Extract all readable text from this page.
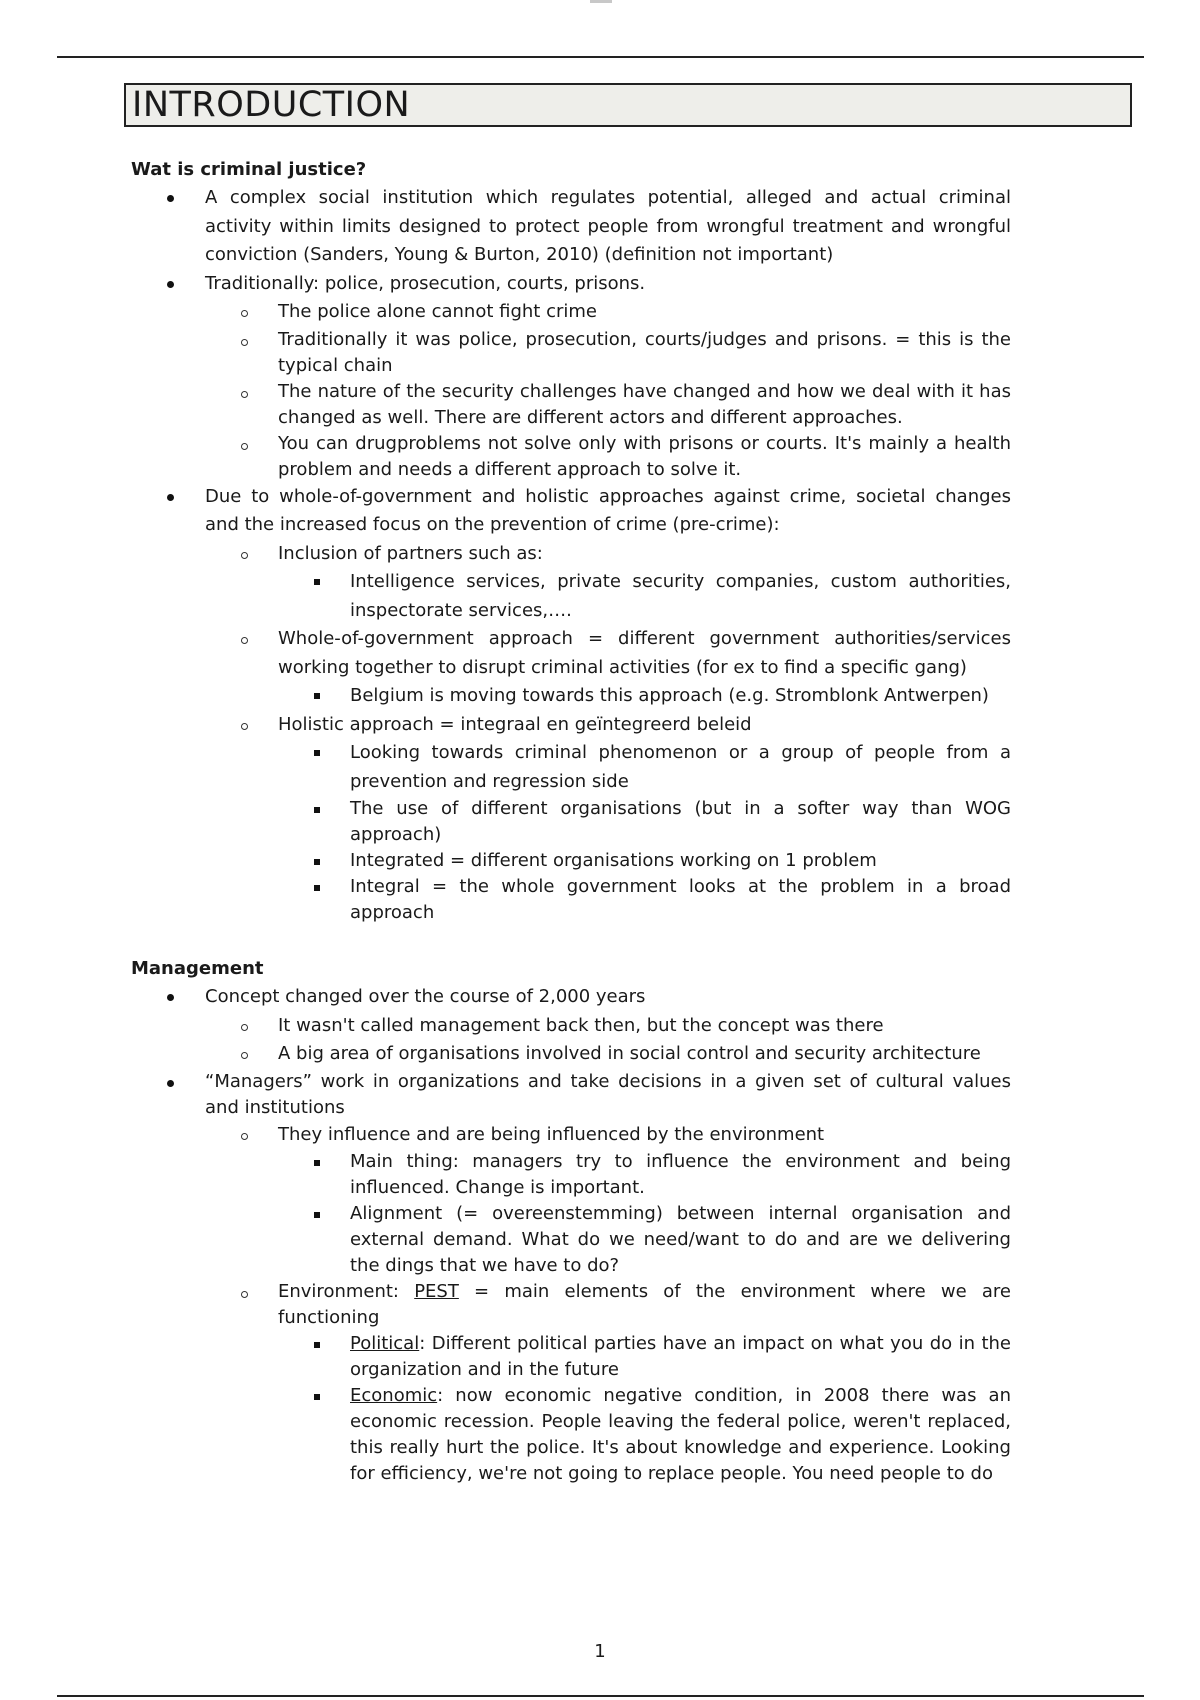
INTRODUCTION

Wat is criminal justice?

A complex social institution which regulates potential, alleged and actual criminal activity within limits designed to protect people from wrongful treatment and wrongful conviction (Sanders, Young & Burton, 2010) (definition not important)
Traditionally: police, prosecution, courts, prisons.
The police alone cannot fight crime
Traditionally it was police, prosecution, courts/judges and prisons. = this is the typical chain
The nature of the security challenges have changed and how we deal with it has changed as well. There are different actors and different approaches.
You can drugproblems not solve only with prisons or courts. It's mainly a health problem and needs a different approach to solve it.
Due to whole-of-government and holistic approaches against crime, societal changes and the increased focus on the prevention of crime (pre-crime):
Inclusion of partners such as:
Intelligence services, private security companies, custom authorities, inspectorate services,….
Whole-of-government approach = different government authorities/services working together to disrupt criminal activities (for ex to find a specific gang)
Belgium is moving towards this approach (e.g. Stromblonk Antwerpen)
Holistic approach = integraal en geïntegreerd beleid
Looking towards criminal phenomenon or a group of people from a prevention and regression side
The use of different organisations (but in a softer way than WOG approach)
Integrated = different organisations working on 1 problem
Integral = the whole government looks at the problem in a broad approach

Management

Concept changed over the course of 2,000 years
It wasn't called management back then, but the concept was there
A big area of organisations involved in social control and security architecture
“Managers” work in organizations and take decisions in a given set of cultural values and institutions
They influence and are being influenced by the environment
Main thing: managers try to influence the environment and being influenced. Change is important.
Alignment (= overeenstemming) between internal organisation and external demand. What do we need/want to do and are we delivering the dings that we have to do?
Environment: PEST = main elements of the environment where we are functioning
Political: Different political parties have an impact on what you do in the organization and in the future
Economic: now economic negative condition, in 2008 there was an economic recession. People leaving the federal police, weren't replaced, this really hurt the police. It's about knowledge and experience. Looking for efficiency, we're not going to replace people. You need people to do
1
